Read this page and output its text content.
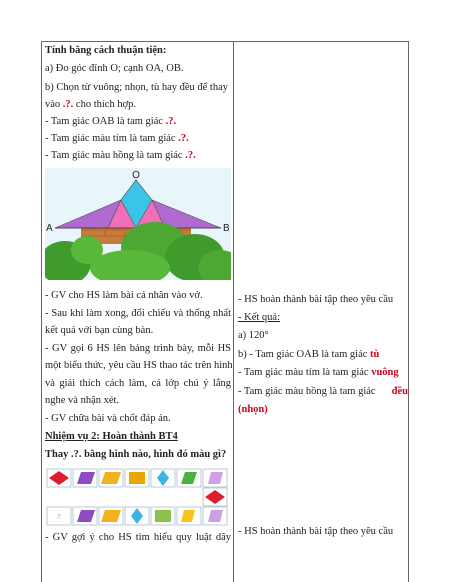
Tính bằng cách thuận tiện:
a) Đo góc đỉnh O; cạnh OA, OB.
b) Chọn từ vuông; nhọn, tù hay đều để thay
vào .?. cho thích hợp.
- Tam giác OAB là tam giác .?.
- Tam giác màu tím là tam giác .?.
- Tam giác màu hồng là tam giác .?.
O
A	B
- GV cho HS làm bài cá nhân vào vở.
- Sau khi làm xong, đổi chiếu và thống nhất
kết quả với bạn cùng bàn.
- GV gọi 6 HS lên bảng trình bày, mỗi HS
một biểu thức, yêu cầu HS thao tác trên hình
và giải thích cách làm, cả lớp chú ý lắng
nghe và nhận xét.
- GV chữa bài và chốt đáp án.
Nhiệm vụ 2: Hoàn thành BT4
Thay .?. bằng hình nào, hình đó màu gì?
?
- GV gợi ý cho HS tìm hiểu quy luật dãy
- HS hoàn thành bài tập theo yêu cầu
- Kết quả:
a) 120°
b) - Tam giác OAB là tam giác tù
- Tam giác màu tím là tam giác vuông
- Tam giác màu hồng là tam giác đều
(nhọn)
- HS hoàn thành bài tập theo yêu cầu
